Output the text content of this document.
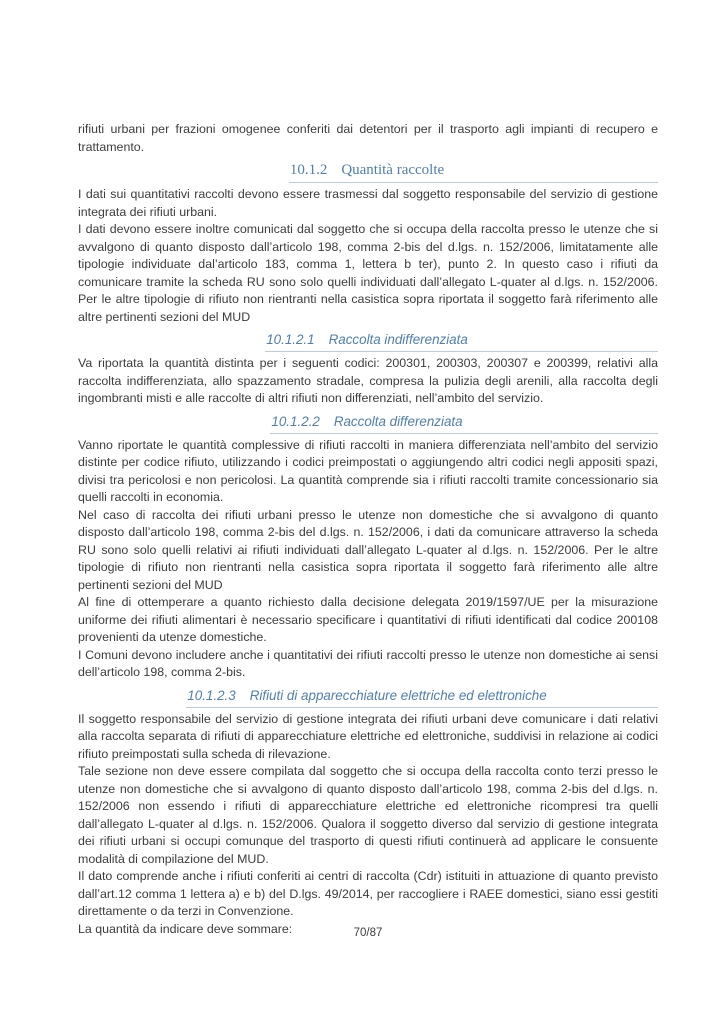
rifiuti urbani per frazioni omogenee conferiti dai detentori per il trasporto agli impianti di recupero e trattamento.

10.1.2 Quantità raccolte

I dati sui quantitativi raccolti devono essere trasmessi dal soggetto responsabile del servizio di gestione integrata dei rifiuti urbani.

I dati devono essere inoltre comunicati dal soggetto che si occupa della raccolta presso le utenze che si avvalgono di quanto disposto dall’articolo 198, comma 2-bis del d.lgs. n. 152/2006, limitatamente alle tipologie individuate dal’articolo 183, comma 1, lettera b ter), punto 2. In questo caso i rifiuti da comunicare tramite la scheda RU sono solo quelli individuati dall’allegato L-quater al d.lgs. n. 152/2006. Per le altre tipologie di rifiuto non rientranti nella casistica sopra riportata il soggetto farà riferimento alle altre pertinenti sezioni del MUD

10.1.2.1 Raccolta indifferenziata

Va riportata la quantità distinta per i seguenti codici: 200301, 200303, 200307 e 200399, relativi alla raccolta indifferenziata, allo spazzamento stradale, compresa la pulizia degli arenili, alla raccolta degli ingombranti misti e alle raccolte di altri rifiuti non differenziati, nell’ambito del servizio.

10.1.2.2 Raccolta differenziata

Vanno riportate le quantità complessive di rifiuti raccolti in maniera differenziata nell’ambito del servizio distinte per codice rifiuto, utilizzando i codici preimpostati o aggiungendo altri codici negli appositi spazi, divisi tra pericolosi e non pericolosi. La quantità comprende sia i rifiuti raccolti tramite concessionario sia quelli raccolti in economia.

Nel caso di raccolta dei rifiuti urbani presso le utenze non domestiche che si avvalgono di quanto disposto dall’articolo 198, comma 2-bis del d.lgs. n. 152/2006, i dati da comunicare attraverso la scheda RU sono solo quelli relativi ai rifiuti individuati dall’allegato L-quater al d.lgs. n. 152/2006. Per le altre tipologie di rifiuto non rientranti nella casistica sopra riportata il soggetto farà riferimento alle altre pertinenti sezioni del MUD

Al fine di ottemperare a quanto richiesto dalla decisione delegata 2019/1597/UE per la misurazione uniforme dei rifiuti alimentari è necessario specificare i quantitativi di rifiuti identificati dal codice 200108 provenienti da utenze domestiche.

I Comuni devono includere anche i quantitativi dei rifiuti raccolti presso le utenze non domestiche ai sensi dell’articolo 198, comma 2-bis.

10.1.2.3 Rifiuti di apparecchiature elettriche ed elettroniche

Il soggetto responsabile del servizio di gestione integrata dei rifiuti urbani deve comunicare i dati relativi alla raccolta separata di rifiuti di apparecchiature elettriche ed elettroniche, suddivisi in relazione ai codici rifiuto preimpostati sulla scheda di rilevazione.

Tale sezione non deve essere compilata dal soggetto che si occupa della raccolta conto terzi presso le utenze non domestiche che si avvalgono di quanto disposto dall’articolo 198, comma 2-bis del d.lgs. n. 152/2006 non essendo i rifiuti di apparecchiature elettriche ed elettroniche ricompresi tra quelli dall’allegato L-quater al d.lgs. n. 152/2006. Qualora il soggetto diverso dal servizio di gestione integrata dei rifiuti urbani si occupi comunque del trasporto di questi rifiuti continuerà ad applicare le consuente modalità di compilazione del MUD.

Il dato comprende anche i rifiuti conferiti ai centri di raccolta (Cdr) istituiti in attuazione di quanto previsto dall’art.12 comma 1 lettera a) e b) del D.lgs. 49/2014, per raccogliere i RAEE domestici, siano essi gestiti direttamente o da terzi in Convenzione.

La quantità da indicare deve sommare:	70/87
